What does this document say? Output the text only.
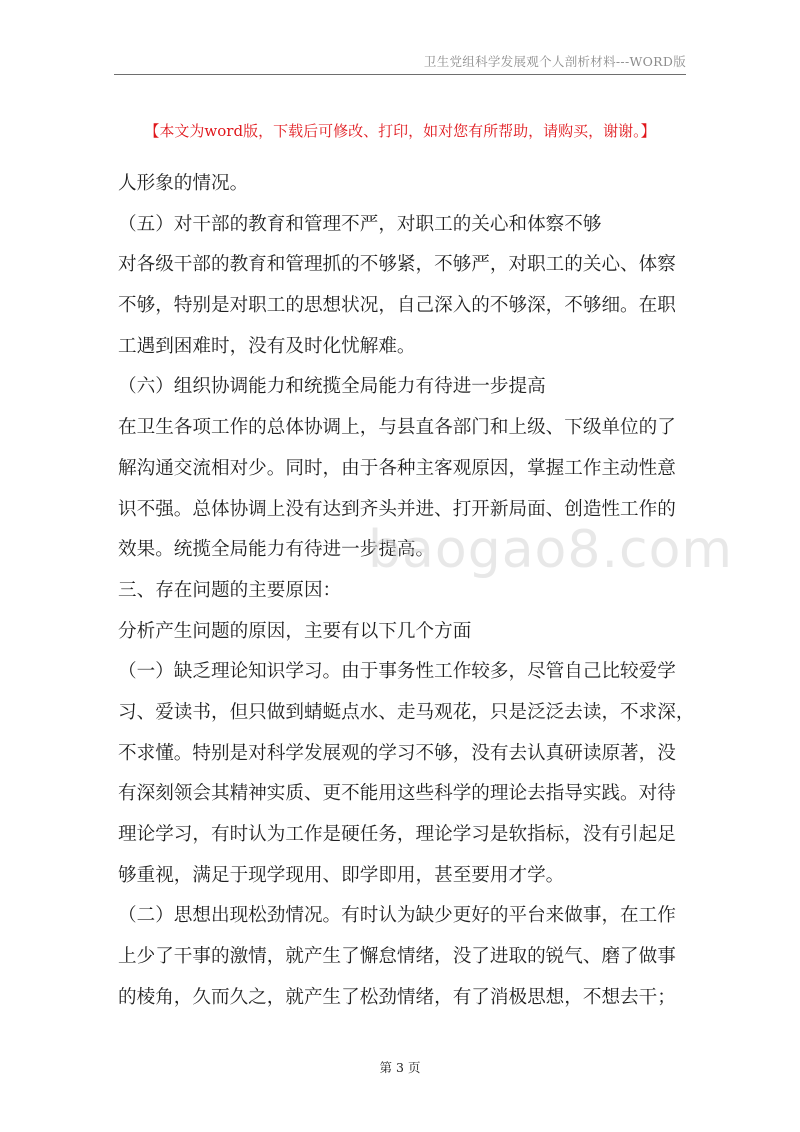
卫生党组科学发展观个人剖析材料---WORD版
【本文为word版，下载后可修改、打印，如对您有所帮助，请购买，谢谢。】
人形象的情况。
（五）对干部的教育和管理不严，对职工的关心和体察不够
对各级干部的教育和管理抓的不够紧，不够严，对职工的关心、体察
不够，特别是对职工的思想状况，自己深入的不够深，不够细。在职
工遇到困难时，没有及时化忧解难。
（六）组织协调能力和统揽全局能力有待进一步提高
在卫生各项工作的总体协调上，与县直各部门和上级、下级单位的了
解沟通交流相对少。同时，由于各种主客观原因，掌握工作主动性意
识不强。总体协调上没有达到齐头并进、打开新局面、创造性工作的
效果。统揽全局能力有待进一步提高。
三、存在问题的主要原因：
分析产生问题的原因，主要有以下几个方面
（一）缺乏理论知识学习。由于事务性工作较多，尽管自己比较爱学
习、爱读书，但只做到蜻蜓点水、走马观花，只是泛泛去读，不求深，
不求懂。特别是对科学发展观的学习不够，没有去认真研读原著，没
有深刻领会其精神实质、更不能用这些科学的理论去指导实践。对待
理论学习，有时认为工作是硬任务，理论学习是软指标，没有引起足
够重视，满足于现学现用、即学即用，甚至要用才学。
（二）思想出现松劲情况。有时认为缺少更好的平台来做事，在工作
上少了干事的激情，就产生了懈怠情绪，没了进取的锐气、磨了做事
的棱角，久而久之，就产生了松劲情绪，有了消极思想，不想去干；
baogao8.com
第 3 页
